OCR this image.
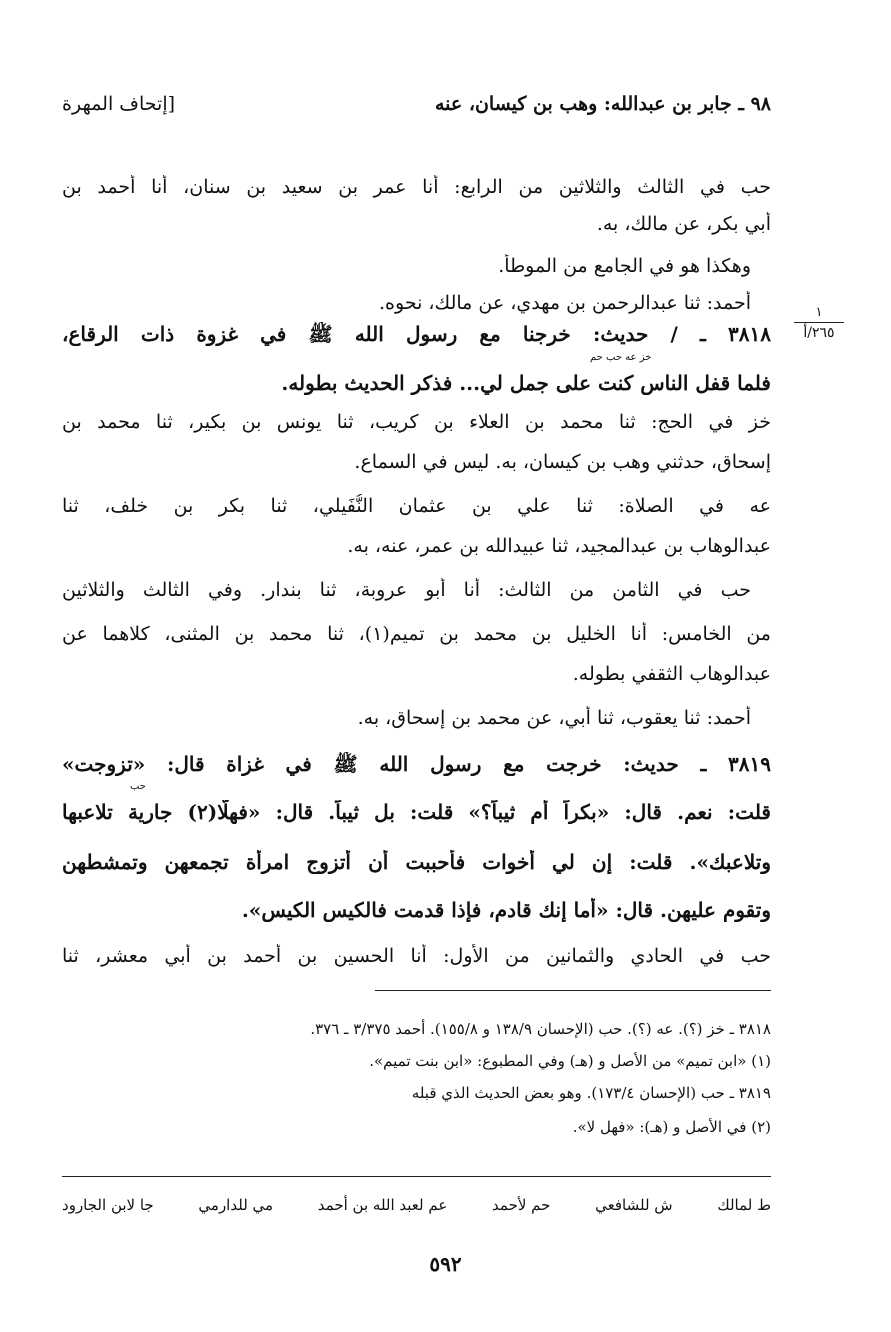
٩٨ ـ جابر بن عبدالله: وهب بن كيسان، عنه
[إتحاف المهرة
١
٢٦٥/أ
حب في الثالث والثلاثين من الرابع: أنا عمر بن سعيد بن سنان، أنا أحمد بن
أبي بكر، عن مالك، به.
وهكذا هو في الجامع من الموطأ.
أحمد: ثنا عبدالرحمن بن مهدي، عن مالك، نحوه.
٣٨١٨ ـ / حديث: خرجنا مع رسول الله ﷺ في غزوة ذات الرقاع،
خز عه حب حم
فلما قفل الناس كنت على جمل لي... فذكر الحديث بطوله.
خز في الحج: ثنا محمد بن العلاء بن كريب، ثنا يونس بن بكير، ثنا محمد بن
إسحاق، حدثني وهب بن كيسان، به. ليس في السماع.
عه في الصلاة: ثنا علي بن عثمان النُّفَيلي، ثنا بكر بن خلف، ثنا
عبدالوهاب بن عبدالمجيد، ثنا عبيدالله بن عمر، عنه، به.
حب في الثامن من الثالث: أنا أبو عروبة، ثنا بندار. وفي الثالث والثلاثين
من الخامس: أنا الخليل بن محمد بن تميم(١)، ثنا محمد بن المثنى، كلاهما عن
عبدالوهاب الثقفي بطوله.
أحمد: ثنا يعقوب، ثنا أبي، عن محمد بن إسحاق، به.
٣٨١٩ ـ حديث: خرجت مع رسول الله ﷺ في غزاة قال: «تزوجت»
حب
قلت: نعم. قال: «بكراً أم ثيباً؟» قلت: بل ثيباً. قال: «فهلّا(٢) جارية تلاعبها
وتلاعبك». قلت: إن لي أخوات فأحببت أن أتزوج امرأة تجمعهن وتمشطهن
وتقوم عليهن. قال: «أما إنك قادم، فإذا قدمت فالكيس الكيس».
حب في الحادي والثمانين من الأول: أنا الحسين بن أحمد بن أبي معشر، ثنا
٣٨١٨ ـ خز (؟). عه (؟). حب (الإحسان ١٣٨/٩ و ١٥٥/٨). أحمد ٣/٣٧٥ ـ ٣٧٦.
(١) «ابن تميم» من الأصل و (هـ) وفي المطبوع: «ابن بنت تميم».
٣٨١٩ ـ حب (الإحسان ١٧٣/٤). وهو بعض الحديث الذي قبله
(٢) في الأصل و (هـ): «فهل لا».
ط لمالك
ش للشافعي
حم لأحمد
عم لعبد الله بن أحمد
مي للدارمي
جا لابن الجارود
٥٩٢
